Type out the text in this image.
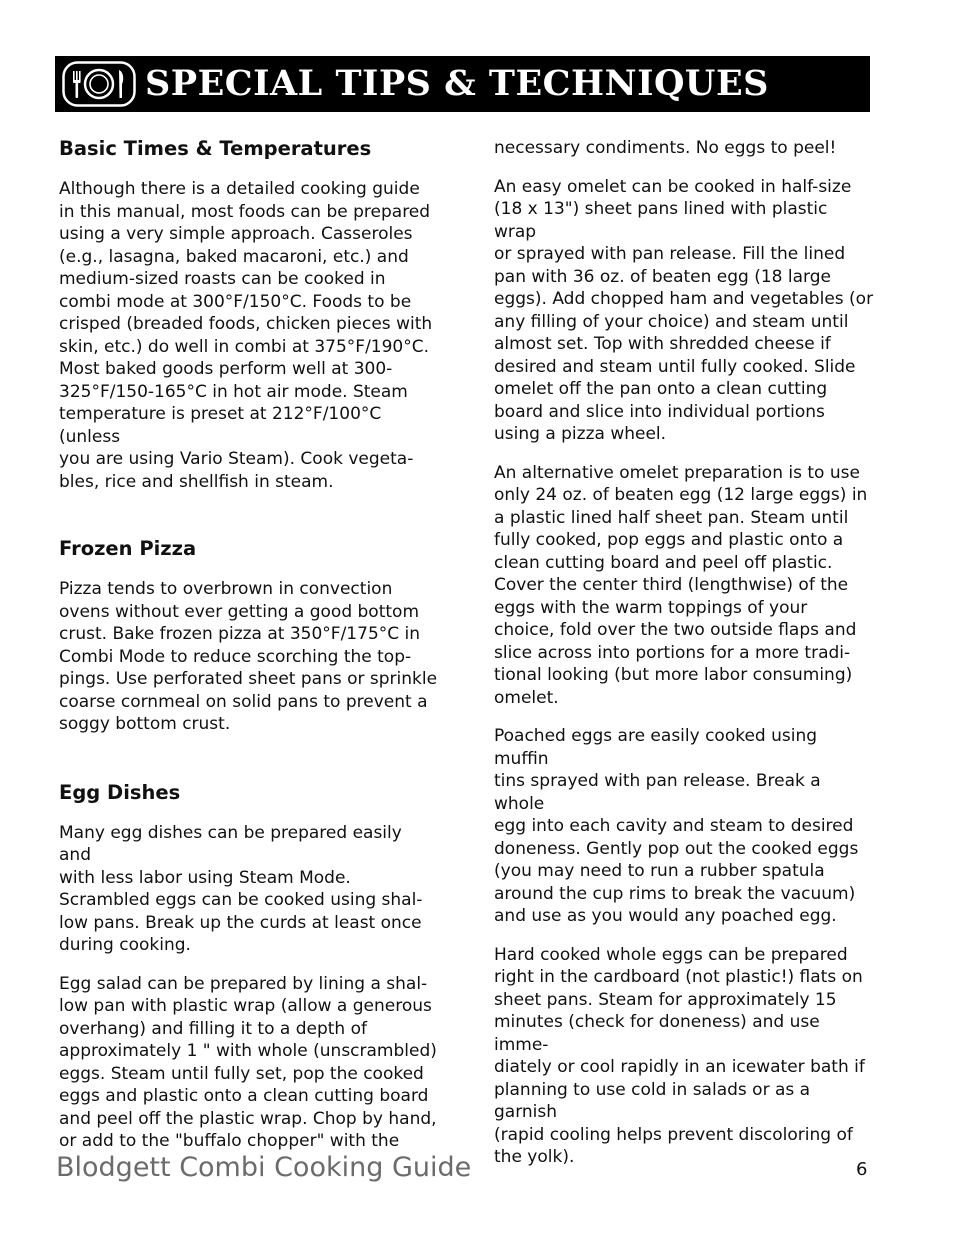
SPECIAL TIPS & TECHNIQUES
Basic Times & Temperatures

Although there is a detailed cooking guide
in this manual, most foods can be prepared
using a very simple approach. Casseroles
(e.g., lasagna, baked macaroni, etc.) and
medium-sized roasts can be cooked in
combi mode at 300°F/150°C. Foods to be
crisped (breaded foods, chicken pieces with
skin, etc.) do well in combi at 375°F/190°C.
Most baked goods perform well at 300-
325°F/150-165°C in hot air mode. Steam
temperature is preset at 212°F/100°C (unless
you are using Vario Steam). Cook vegeta-
bles, rice and shellfish in steam.

Frozen Pizza

Pizza tends to overbrown in convection
ovens without ever getting a good bottom
crust. Bake frozen pizza at 350°F/175°C in
Combi Mode to reduce scorching the top-
pings. Use perforated sheet pans or sprinkle
coarse cornmeal on solid pans to prevent a
soggy bottom crust.

Egg Dishes

Many egg dishes can be prepared easily and
with less labor using Steam Mode.
Scrambled eggs can be cooked using shal-
low pans. Break up the curds at least once
during cooking.

Egg salad can be prepared by lining a shal-
low pan with plastic wrap (allow a generous
overhang) and filling it to a depth of
approximately 1 " with whole (unscrambled)
eggs. Steam until fully set, pop the cooked
eggs and plastic onto a clean cutting board
and peel off the plastic wrap. Chop by hand,
or add to the "buffalo chopper" with the

necessary condiments. No eggs to peel!

An easy omelet can be cooked in half-size
(18 x 13") sheet pans lined with plastic wrap
or sprayed with pan release. Fill the lined
pan with 36 oz. of beaten egg (18 large
eggs). Add chopped ham and vegetables (or
any filling of your choice) and steam until
almost set. Top with shredded cheese if
desired and steam until fully cooked. Slide
omelet off the pan onto a clean cutting
board and slice into individual portions
using a pizza wheel.

An alternative omelet preparation is to use
only 24 oz. of beaten egg (12 large eggs) in
a plastic lined half sheet pan. Steam until
fully cooked, pop eggs and plastic onto a
clean cutting board and peel off plastic.
Cover the center third (lengthwise) of the
eggs with the warm toppings of your
choice, fold over the two outside flaps and
slice across into portions for a more tradi-
tional looking (but more labor consuming)
omelet.

Poached eggs are easily cooked using muffin
tins sprayed with pan release. Break a whole
egg into each cavity and steam to desired
doneness. Gently pop out the cooked eggs
(you may need to run a rubber spatula
around the cup rims to break the vacuum)
and use as you would any poached egg.

Hard cooked whole eggs can be prepared
right in the cardboard (not plastic!) flats on
sheet pans. Steam for approximately 15
minutes (check for doneness) and use imme-
diately or cool rapidly in an icewater bath if
planning to use cold in salads or as a garnish
(rapid cooling helps prevent discoloring of
the yolk).

Blodgett Combi Cooking Guide	6
